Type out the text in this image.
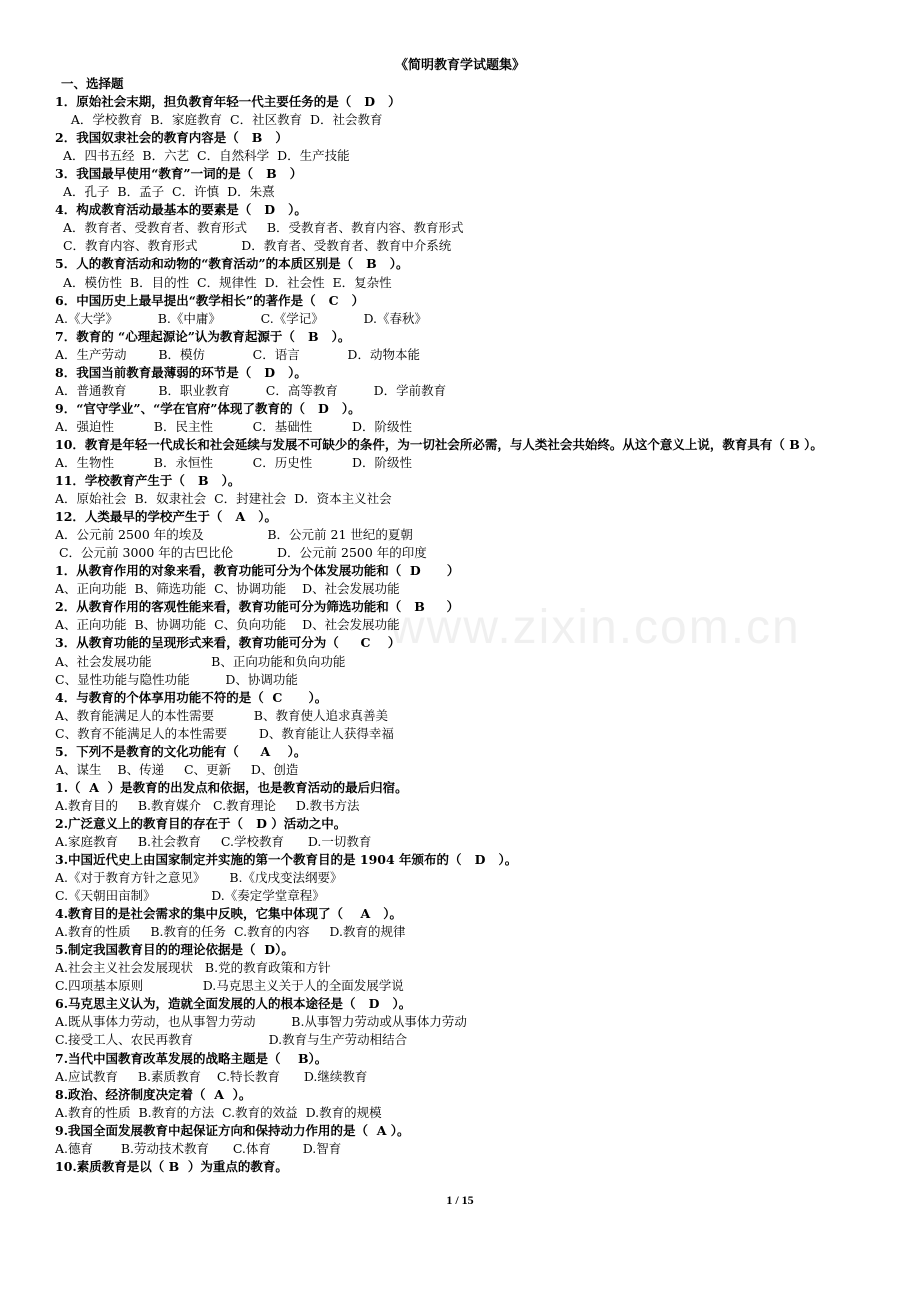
www.zixin.com.cn
《简明教育学试题集》
一、选择题
1．原始社会末期，担负教育年轻一代主要任务的是（   D   ）
A．学校教育  B．家庭教育  C．社区教育  D．社会教育
2．我国奴隶社会的教育内容是（   B   ）
A．四书五经  B．六艺  C．自然科学  D．生产技能
3．我国最早使用“教育”一词的是（   B   ）
A．孔子  B．孟子  C．许慎  D．朱熹
4．构成教育活动最基本的要素是（   D   ）。
A．教育者、受教育者、教育形式     B．受教育者、教育内容、教育形式
C．教育内容、教育形式           D．教育者、受教育者、教育中介系统
5．人的教育活动和动物的“教育活动”的本质区别是（   B   ）。
A．模仿性  B．目的性  C．规律性  D．社会性  E．复杂性
6．中国历史上最早提出“教学相长”的著作是（   C   ）
A.《大学》          B.《中庸》          C.《学记》          D.《春秋》
7．教育的 “心理起源论”认为教育起源于（   B   ）。
A．生产劳动        B．模仿            C．语言            D．动物本能
8．我国当前教育最薄弱的环节是（   D   ）。
A．普通教育        B．职业教育         C．高等教育         D．学前教育
9．“官守学业”、“学在官府”体现了教育的（   D   ）。
A．强迫性          B．民主性          C．基础性          D．阶级性
10．教育是年轻一代成长和社会延续与发展不可缺少的条件，为一切社会所必需，与人类社会共始终。从这个意义上说，教育具有（ B ）。
A．生物性          B．永恒性          C．历史性          D．阶级性
11．学校教育产生于（   B   ）。
A．原始社会  B．奴隶社会  C．封建社会  D．资本主义社会
12．人类最早的学校产生于（   A   ）。
A．公元前 2500 年的埃及                B．公元前 21 世纪的夏朝
C．公元前 3000 年的古巴比伦           D．公元前 2500 年的印度
1．从教育作用的对象来看，教育功能可分为个体发展功能和（  D      ）
A、正向功能  B、筛选功能  C、协调功能    D、社会发展功能
2．从教育作用的客观性能来看，教育功能可分为筛选功能和（   B     ）
A、正向功能  B、协调功能  C、负向功能    D、社会发展功能
3．从教育功能的呈现形式来看，教育功能可分为（     C    ）
A、社会发展功能               B、正向功能和负向功能
C、显性功能与隐性功能         D、协调功能
4．与教育的个体享用功能不符的是（  C      ）。
A、教育能满足人的本性需要          B、教育使人追求真善美
C、教育不能满足人的本性需要        D、教育能让人获得幸福
5．下列不是教育的文化功能有（     A    ）。
A、谋生    B、传递     C、更新     D、创造
1.（  A  ）是教育的出发点和依据，也是教育活动的最后归宿。
A.教育目的     B.教育媒介   C.教育理论     D.教书方法
2.广泛意义上的教育目的存在于（   D ）活动之中。
A.家庭教育     B.社会教育     C.学校教育      D.一切教育
3.中国近代史上由国家制定并实施的第一个教育目的是 1904 年颁布的（   D   ）。
A.《对于教育方针之意见》      B.《戊戌变法纲要》
C.《天朝田亩制》              D.《奏定学堂章程》
4.教育目的是社会需求的集中反映，它集中体现了（    A   ）。
A.教育的性质     B.教育的任务  C.教育的内容     D.教育的规律
5.制定我国教育目的的理论依据是（  D）。
A.社会主义社会发展现状   B.党的教育政策和方针
C.四项基本原则               D.马克思主义关于人的全面发展学说
6.马克思主义认为，造就全面发展的人的根本途径是（   D   ）。
A.既从事体力劳动，也从事智力劳动         B.从事智力劳动或从事体力劳动
C.接受工人、农民再教育                   D.教育与生产劳动相结合
7.当代中国教育改革发展的战略主题是（    B）。
A.应试教育     B.素质教育    C.特长教育      D.继续教育
8.政治、经济制度决定着（  A  ）。
A.教育的性质  B.教育的方法  C.教育的效益  D.教育的规模
9.我国全面发展教育中起保证方向和保持动力作用的是（  A ）。
A.德育       B.劳动技术教育      C.体育        D.智育
10.素质教育是以（ B  ）为重点的教育。
1 / 15
